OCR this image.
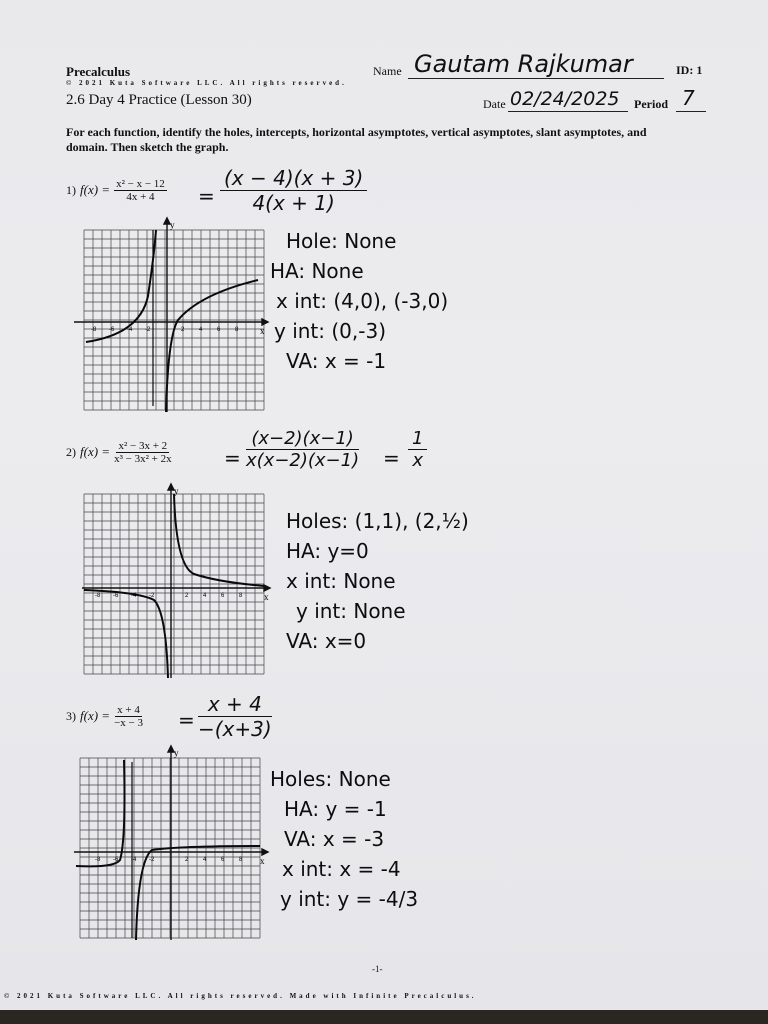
Precalculus
© 2021 Kuta Software LLC. All rights reserved.
2.6 Day 4 Practice (Lesson 30)
Name Gautam Rajkumar	ID: 1
Date 02/24/2025 Period 7
For each function, identify the holes, intercepts, horizontal asymptotes, vertical asymptotes, slant asymptotes, and domain. Then sketch the graph.
1) $f(x) = \frac{\text{x² − x − 12}}{4x + 4} = \frac{(x - 4)(x + 3)}{4(x + 1)}$
y
x
-8 -6 -4 -2	2 4 6 8
Hole: None
HA: None
x int: (4,0), (-3,0)
y int: (0,-3)
VA: x = -1
2) $f(x) = \frac{\text{x² − 3x + 2}}{\text{x³ − 3x² + 2x}}$	= $\frac{(x-2)(x-1)}{x(x-2)(x-1)} = \frac{1}{x}$
y
x
-8 -6 -4 -2	2 4 6 8
Holes: (1,1), (2,½)
HA: y=0
x int: None
y int: None
VA: x=0
3) $f(x) = \frac{x + 4}{-x - 3} = \frac{x + 4}{-(x+3)}$
y
x
-8 -6 -4 -2	2 4 6 8
Holes: None
HA: y = -1
VA: x = -3
x int: x = -4
y int: y = -4/3
-1-
© 2021 Kuta Software LLC. All rights reserved. Made with Infinite Precalculus.
